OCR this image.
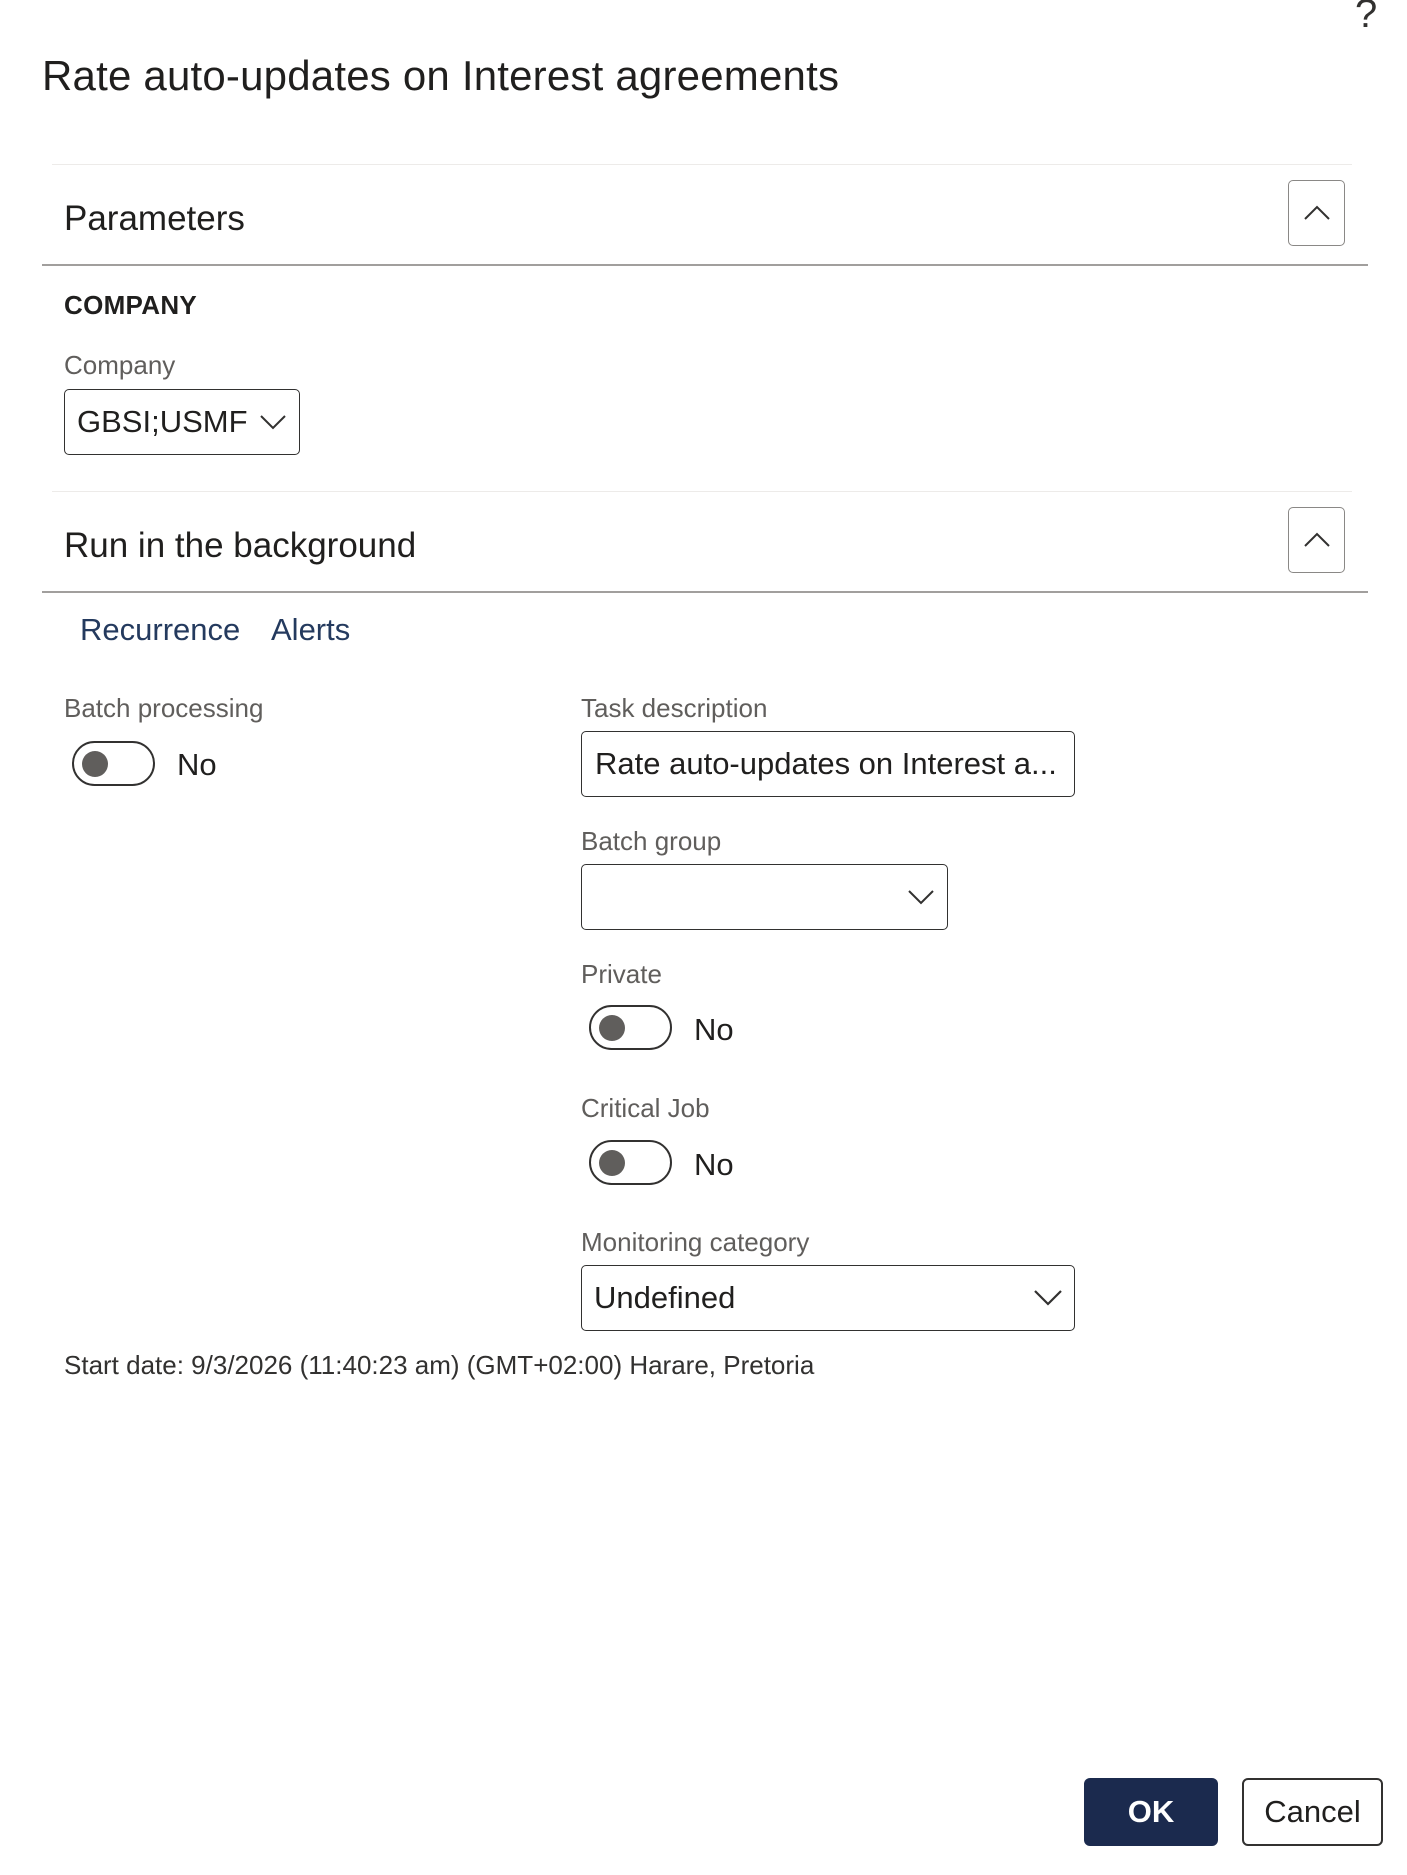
?
Rate auto-updates on Interest agreements
Parameters
COMPANY
Company
GBSI;USMF
Run in the background
Recurrence Alerts
Batch processing
No
Task description
Rate auto-updates on Interest a...
Batch group
Private
No
Critical Job
No
Monitoring category
Undefined
Start date: 9/3/2026 (11:40:23 am) (GMT+02:00) Harare, Pretoria
OK	Cancel
